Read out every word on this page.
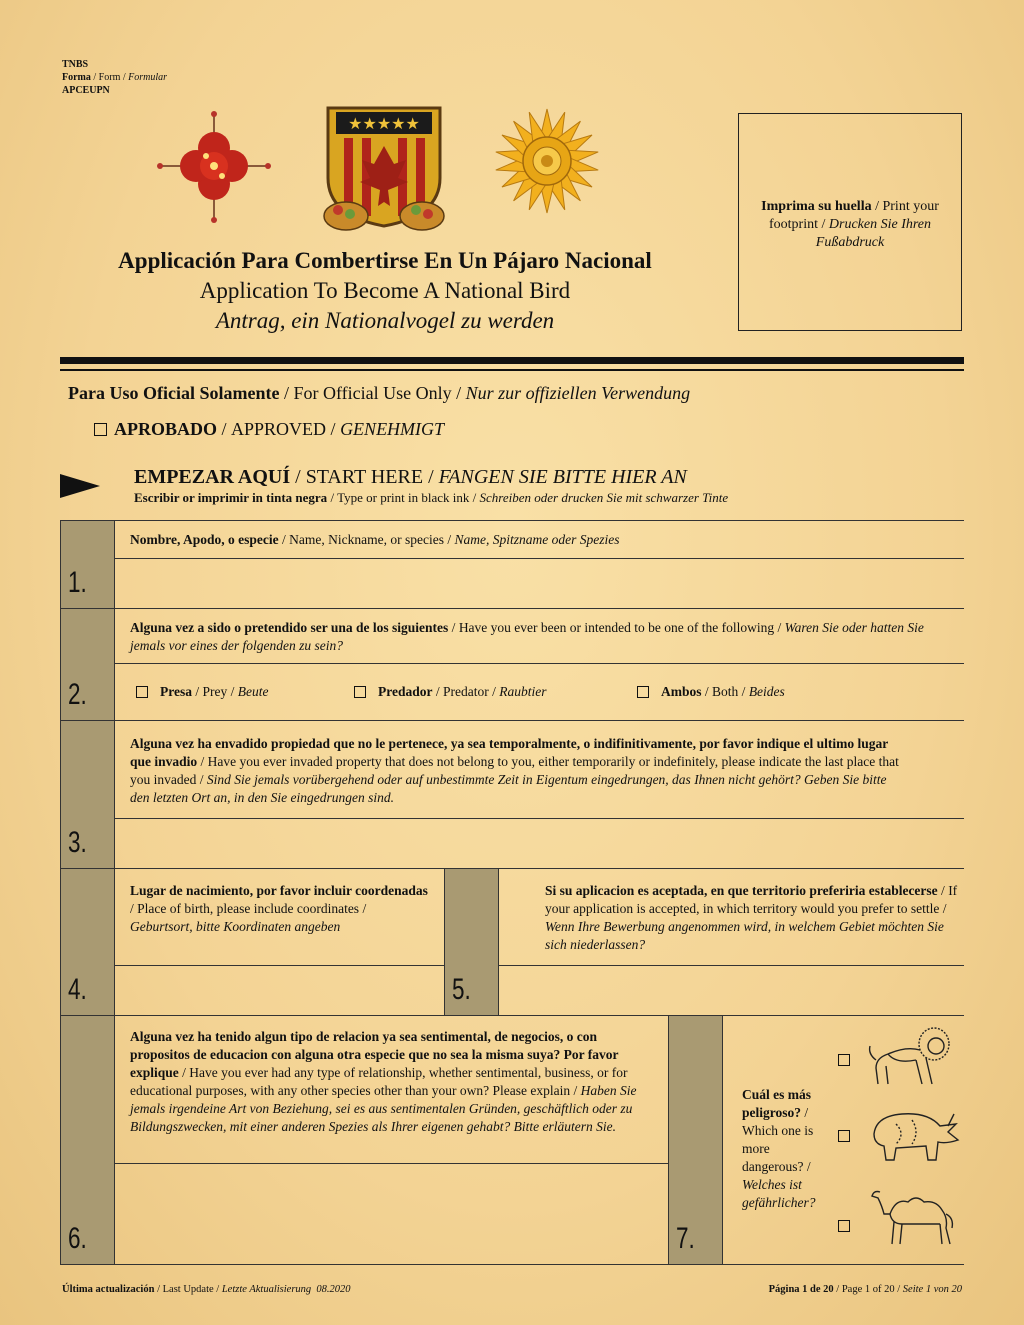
TNBS
Forma / Form / Formular
APCEUPN
★★★★★
Applicación Para Combertirse En Un Pájaro Nacional
Application To Become A National Bird
Antrag, ein Nationalvogel zu werden
Imprima su huella / Print your footprint / Drucken Sie Ihren Fußabdruck
Para Uso Oficial Solamente / For Official Use Only / Nur zur offiziellen Verwendung
APROBADO / APPROVED / GENEHMIGT
EMPEZAR AQUÍ / START HERE / FANGEN SIE BITTE HIER AN
Escribir or imprimir in tinta negra / Type or print in black ink / Schreiben oder drucken Sie mit schwarzer Tinte
1.
Nombre, Apodo, o especie / Name, Nickname, or species / Name, Spitzname oder Spezies
2.
Alguna vez a sido o pretendido ser una de los siguientes / Have you ever been or intended to be one of the following / Waren Sie oder hatten Sie jemals vor eines der folgenden zu sein?
Presa / Prey / Beute	Predador / Predator / Raubtier	Ambos / Both / Beides
3.
Alguna vez ha envadido propiedad que no le pertenece, ya sea temporalmente, o indifinitivamente, por favor indique el ultimo lugar que invadio / Have you ever invaded property that does not belong to you, either temporarily or indefinitely, please indicate the last place that you invaded / Sind Sie jemals vorübergehend oder auf unbestimmte Zeit in Eigentum eingedrungen, das Ihnen nicht gehört? Geben Sie bitte den letzten Ort an, in den Sie eingedrungen sind.
4.
Lugar de nacimiento, por favor incluir coordenadas / Place of birth, please include coordinates / Geburtsort, bitte Koordinaten angeben
5.
Si su aplicacion es aceptada, en que territorio preferiria establecerse / If your application is accepted, in which territory would you prefer to settle / Wenn Ihre Bewerbung angenommen wird, in welchem Gebiet möchten Sie sich niederlassen?
6.
Alguna vez ha tenido algun tipo de relacion ya sea sentimental, de negocios, o con propositos de educacion con alguna otra especie que no sea la misma suya? Por favor explique / Have you ever had any type of relationship, whether sentimental, business, or for educational purposes, with any other species other than your own? Please explain / Haben Sie jemals irgendeine Art von Beziehung, sei es aus sentimentalen Gründen, geschäftlich oder zu Bildungszwecken, mit einer anderen Spezies als Ihrer eigenen gehabt? Bitte erläutern Sie.
7.
Cuál es más peligroso? / Which one is more dangerous? / Welches ist gefährlicher?
Última actualización / Last Update / Letzte Aktualisierung 08.2020	Página 1 de 20 / Page 1 of 20 / Seite 1 von 20
